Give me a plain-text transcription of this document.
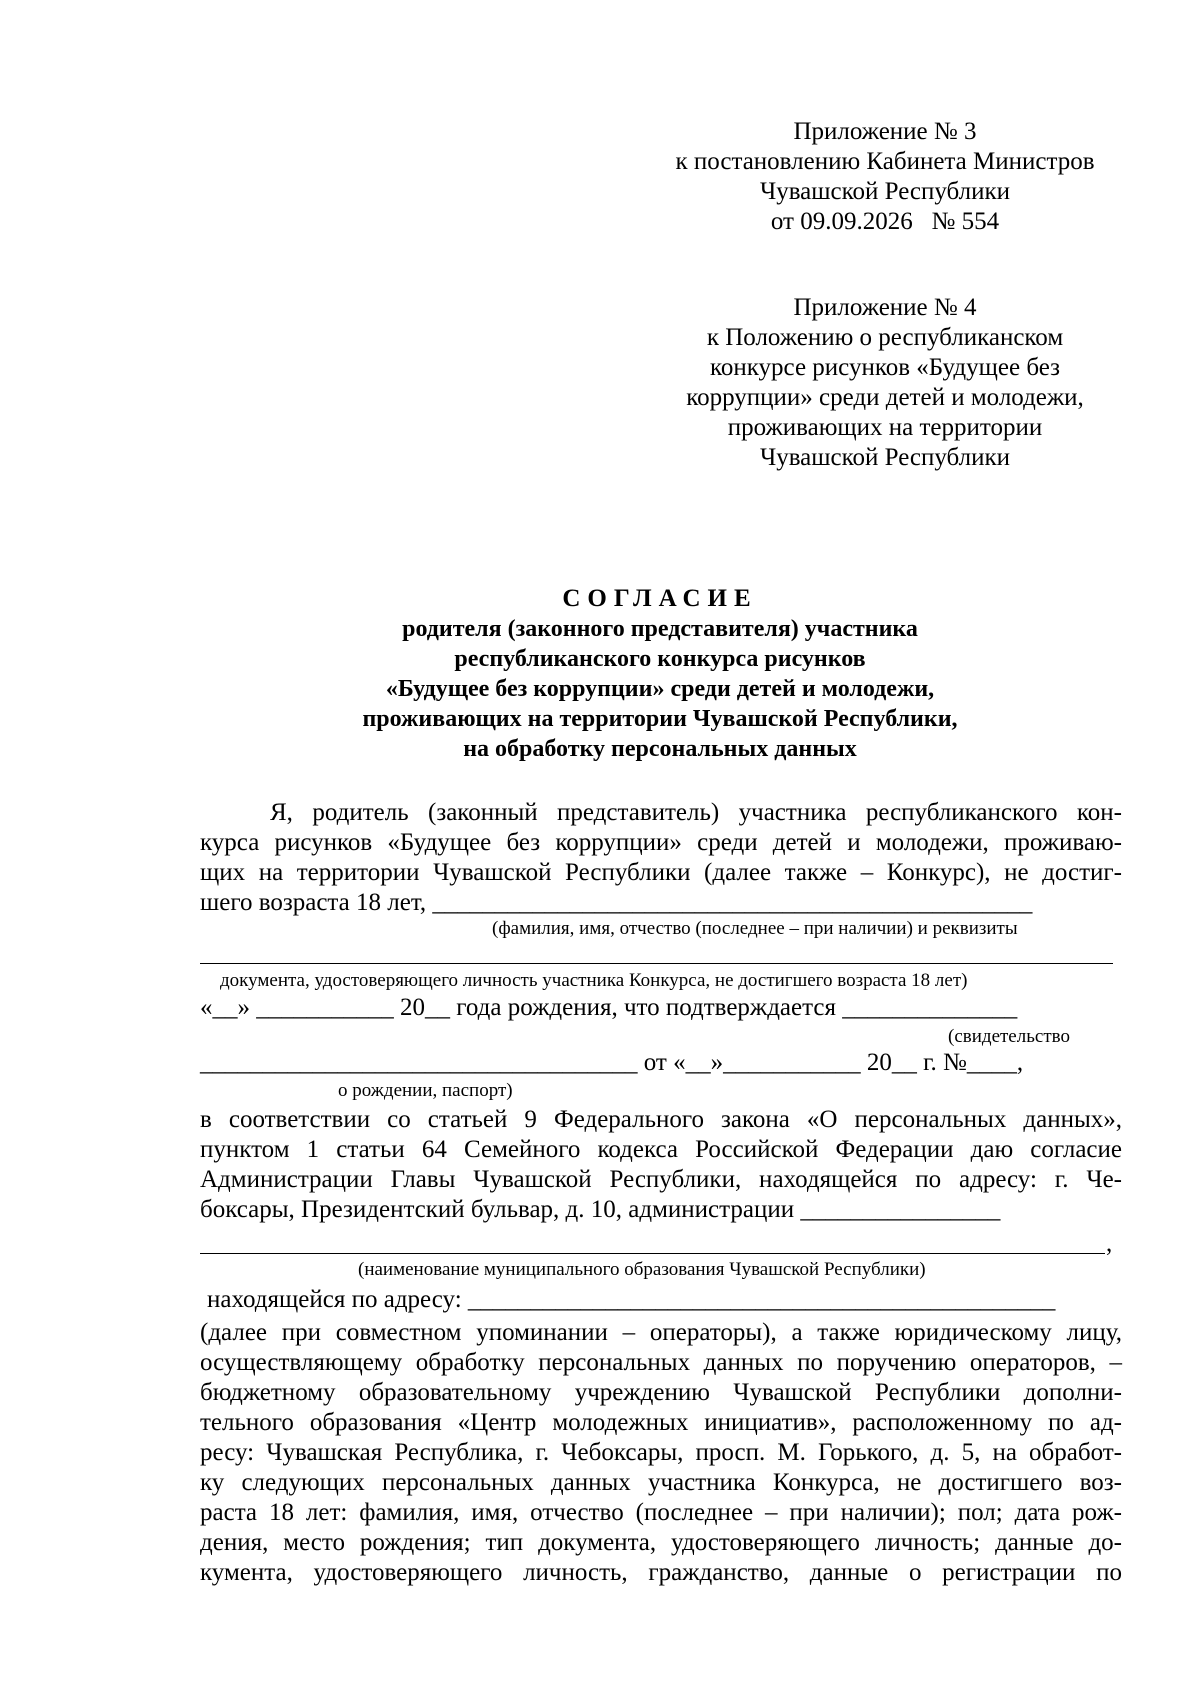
Приложение № 3
к постановлению Кабинета Министров
Чувашской Республики
от 09.09.2026   № 554
Приложение № 4
к Положению о республиканском
конкурсе рисунков «Будущее без
коррупции» среди детей и молодежи,
проживающих на территории
Чувашской Республики
СОГЛАСИЕ
родителя (законного представителя) участника
республиканского конкурса рисунков
«Будущее без коррупции» среди детей и молодежи,
проживающих на территории Чувашской Республики,
на обработку персональных данных
Я, родитель (законный представитель) участника республиканского кон-
курса рисунков «Будущее без коррупции» среди детей и молодежи, проживаю-
щих на территории Чувашской Республики (далее также – Конкурс), не достиг-
шего возраста 18 лет, ________________________________________________
(фамилия, имя, отчество (последнее – при наличии) и реквизиты
документа, удостоверяющего личность участника Конкурса, не достигшего возраста 18 лет)
«__» ___________ 20__ года рождения, что подтверждается ______________
(свидетельство
___________________________________ от «__»___________ 20__ г. №____,
о рождении, паспорт)
в соответствии со статьей 9 Федерального закона «О персональных данных»,
пунктом 1 статьи 64 Семейного кодекса Российской Федерации даю согласие
Администрации Главы Чувашской Республики, находящейся по адресу: г. Че-
боксары, Президентский бульвар, д. 10, администрации ________________
,
(наименование муниципального образования Чувашской Республики)
находящейся по адресу: _______________________________________________
(далее при совместном упоминании – операторы), а также юридическому лицу,
осуществляющему обработку персональных данных по поручению операторов, –
бюджетному образовательному учреждению Чувашской Республики дополни-
тельного образования «Центр молодежных инициатив», расположенному по ад-
ресу: Чувашская Республика, г. Чебоксары, просп. М. Горького, д. 5, на обработ-
ку следующих персональных данных участника Конкурса, не достигшего воз-
раста 18 лет: фамилия, имя, отчество (последнее – при наличии); пол; дата рож-
дения, место рождения; тип документа, удостоверяющего личность; данные до-
кумента, удостоверяющего личность, гражданство, данные о регистрации по
